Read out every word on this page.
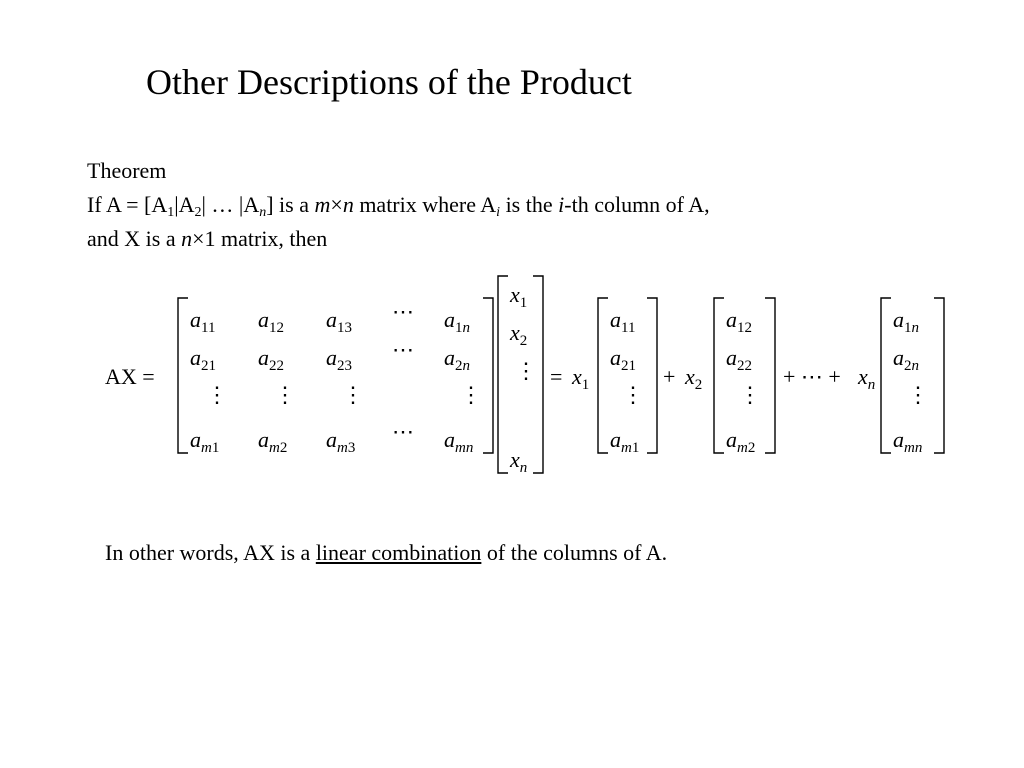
Other Descriptions of the Product
Theorem
If $A = [A_1|A_2|$ … $|A_n$] is a m×n matrix where $A_i$ is the i-th column of A,
and X is a n×1 matrix, then
AX =
$a_{11}$ $a_{12}$ $a_{13}$
⋯ $a_{1n}$
$a_{21}$ $a_{22}$ $a_{23}$
⋯ $a_{2n}$
⋮ ⋮ ⋮	⋮
$a_{m1}$ $a_{m2}$ $a_{m3}$
⋯ $a_{mn}$
$x_1$
$x_2$
⋮
$x_n$
= $x_1$
$a_{11}$
$a_{21}$
⋮
$a_{m1}$
+ $x_2$
$a_{12}$
$a_{22}$
⋮
$a_{m2}$
+ ⋯ + $x_n$
$a_{1n}$
$a_{2n}$
⋮
$a_{mn}$
In other words, AX is a linear combination of the columns of A.
